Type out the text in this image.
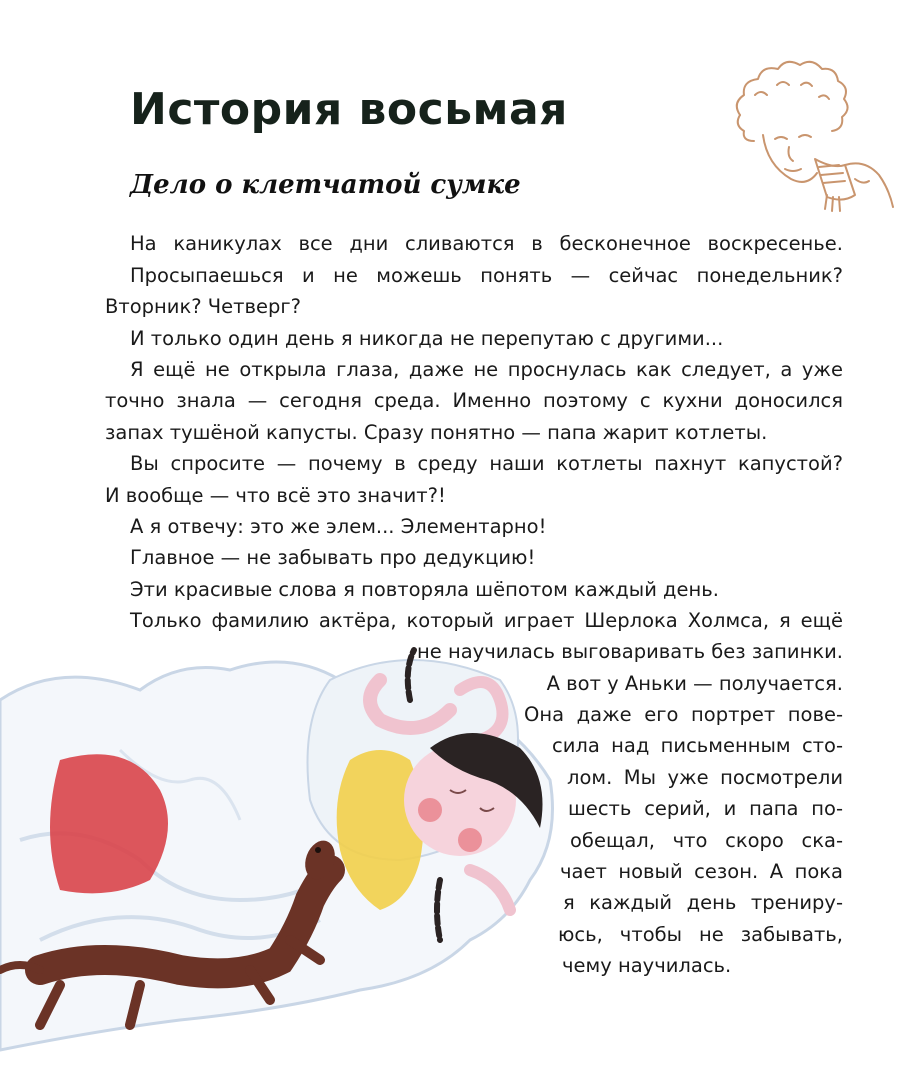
История восьмая
Дело о клетчатой сумке
На каникулах все дни сливаются в бесконечное воскресенье.
Просыпаешься и не можешь понять — сейчас понедельник?
Вторник? Четверг?
И только один день я никогда не перепутаю с другими...
Я ещё не открыла глаза, даже не проснулась как следует, а уже
точно знала — сегодня среда. Именно поэтому с кухни доносился
запах тушёной капусты. Сразу понятно — папа жарит котлеты.
Вы спросите — почему в среду наши котлеты пахнут капустой?
И вообще — что всё это значит?!
А я отвечу: это же элем... Элементарно!
Главное — не забывать про дедукцию!
Эти красивые слова я повторяла шёпотом каждый день.
Только фамилию актёра, который играет Шерлока Холмса, я ещё
не научилась выговаривать без запинки.
А вот у Аньки — получается.
Она даже его портрет пове-
сила над письменным сто-
лом. Мы уже посмотрели
шесть серий, и папа по-
обещал, что скоро ска-
чает новый сезон. А пока
я каждый день трениру-
юсь, чтобы не забывать,
чему научилась.
